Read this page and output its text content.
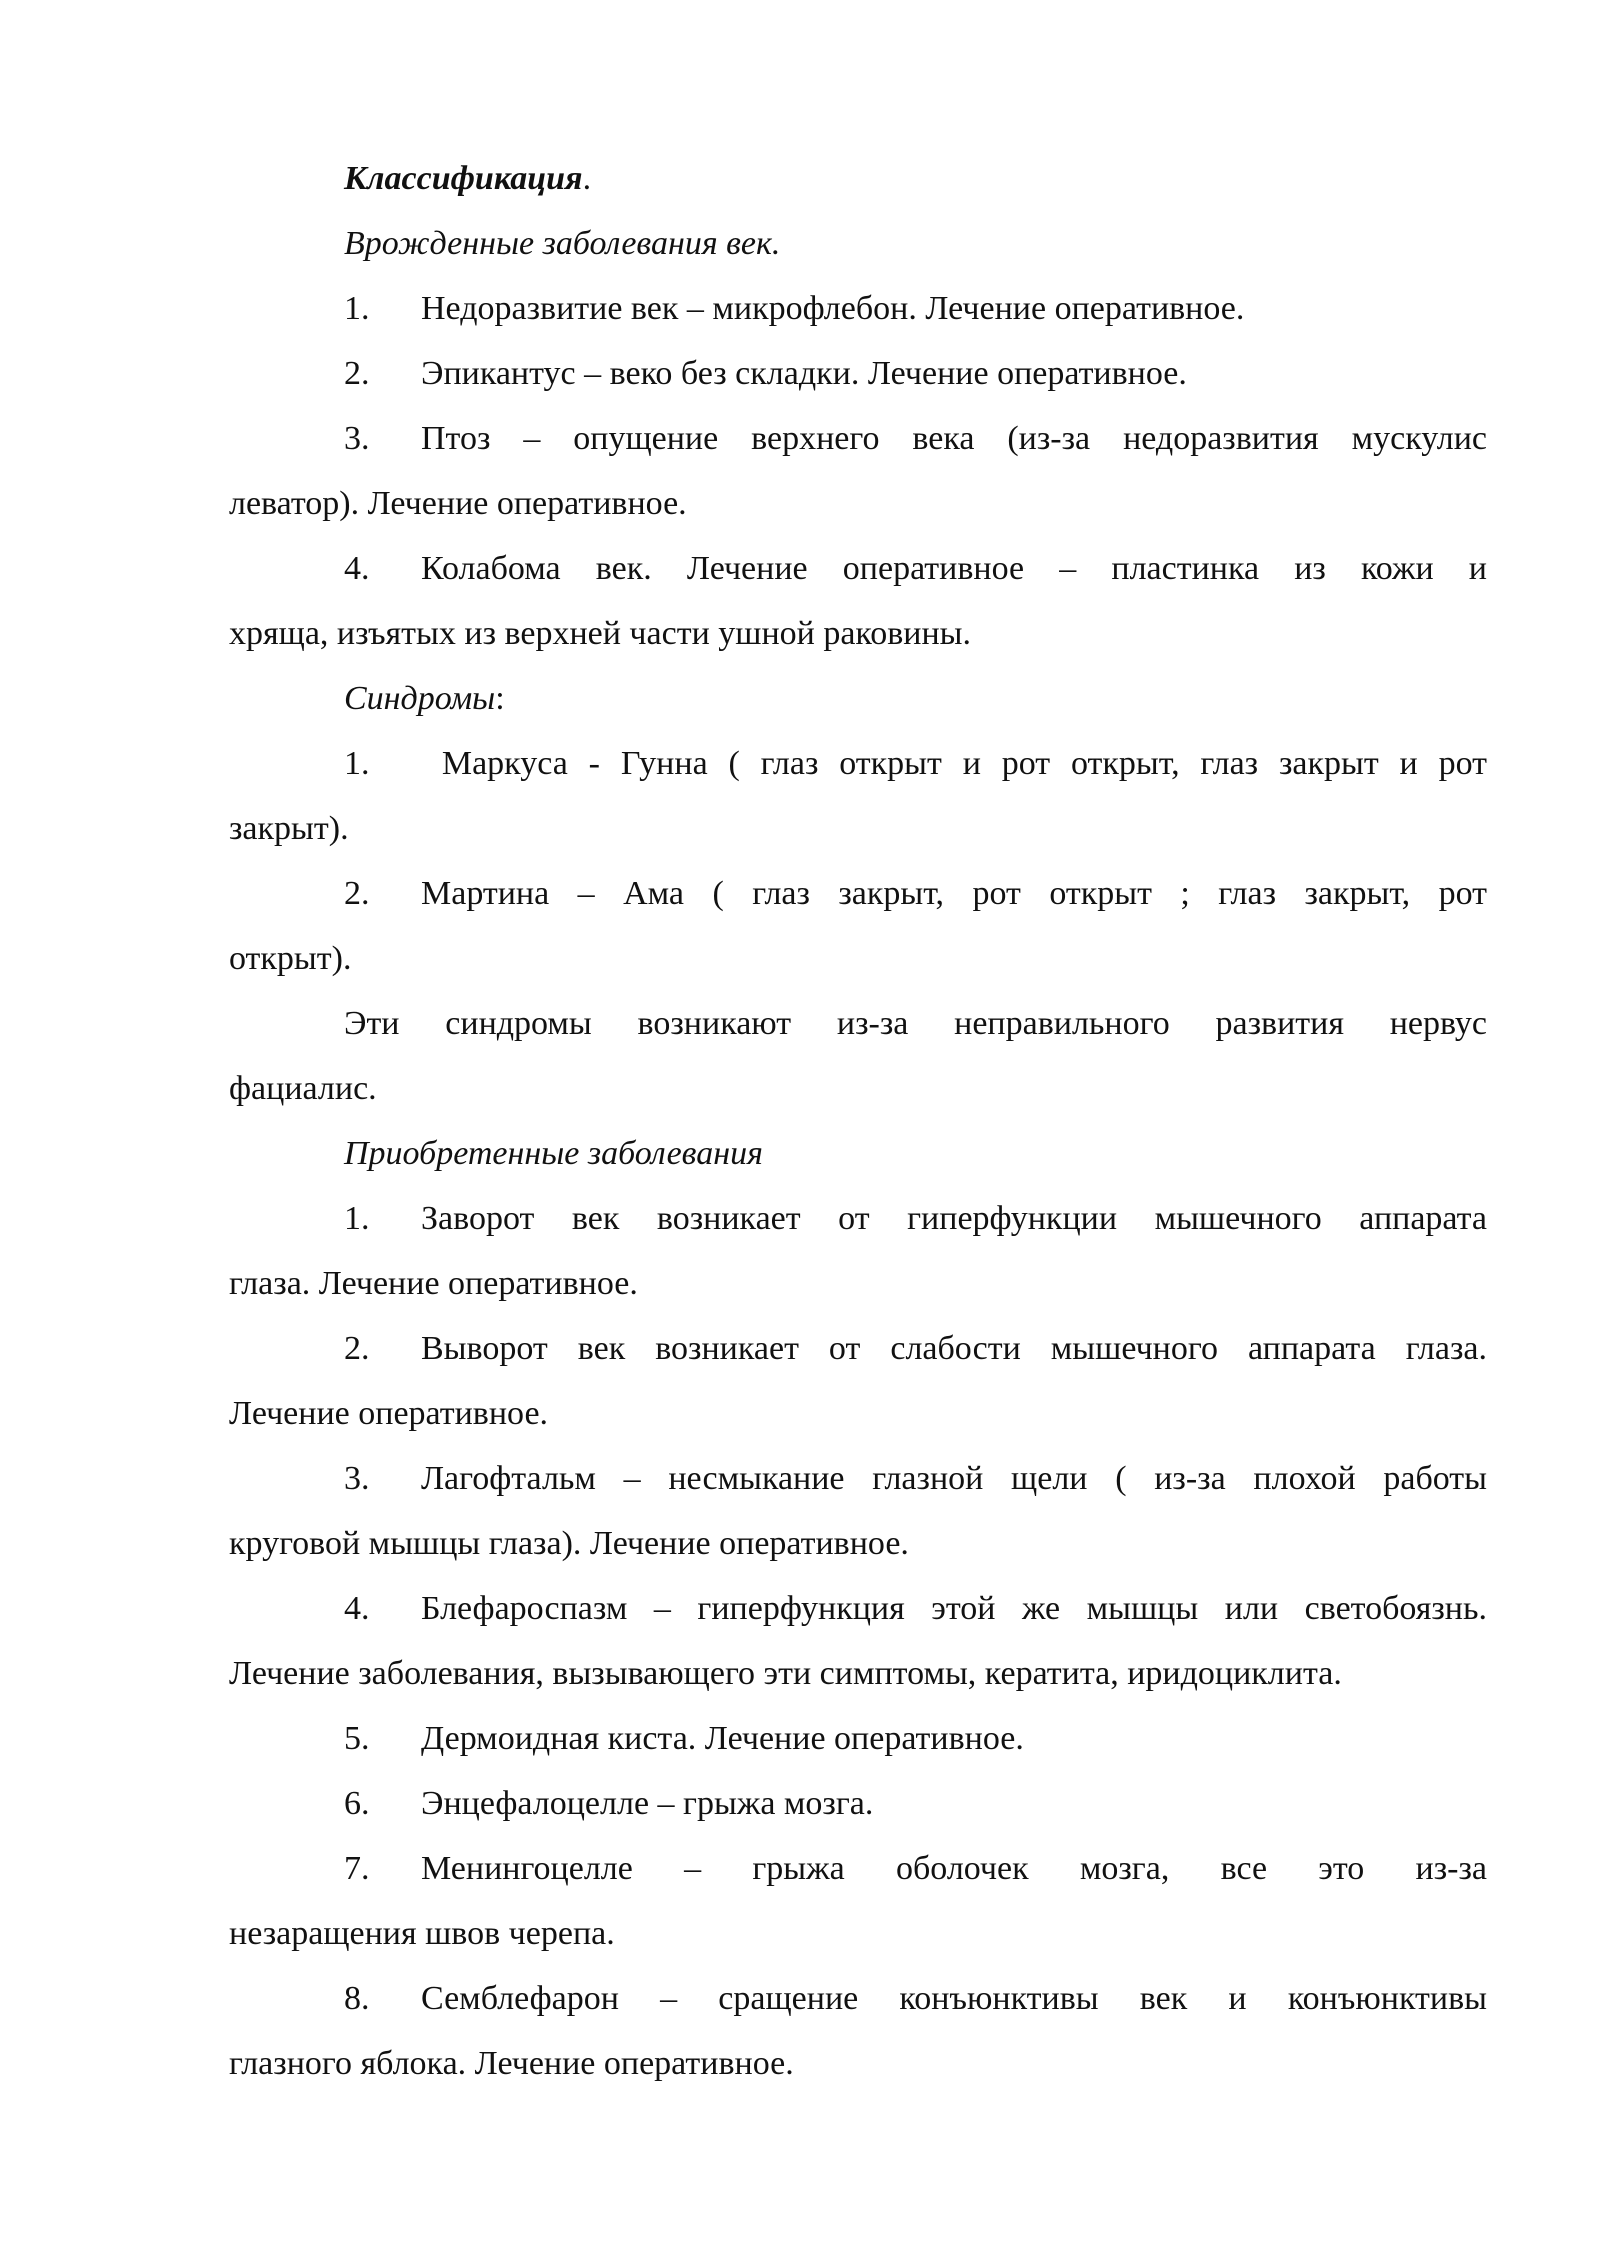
Классификация.
Врожденные заболевания век.
1. Недоразвитие век – микрофлебон. Лечение оперативное.
2. Эпикантус – веко без складки. Лечение оперативное.
3. Птоз – опущение верхнего века (из-за недоразвития мускулис
леватор). Лечение оперативное.
4. Колабома век. Лечение оперативное – пластинка из кожи и
хряща, изъятых из верхней части ушной раковины.
Синдромы:
1. Маркуса - Гунна ( глаз открыт и рот открыт, глаз закрыт и рот
закрыт).
2. Мартина – Ама ( глаз закрыт, рот открыт ; глаз закрыт, рот
открыт).
Эти синдромы возникают из-за неправильного развития нервус
фациалис.
Приобретенные заболевания
1. Заворот век возникает от гиперфункции мышечного аппарата
глаза. Лечение оперативное.
2. Выворот век возникает от слабости мышечного аппарата глаза.
Лечение оперативное.
3. Лагофтальм – несмыкание глазной щели ( из-за плохой работы
круговой мышцы глаза). Лечение оперативное.
4. Блефароспазм – гиперфункция этой же мышцы или светобоязнь.
Лечение заболевания, вызывающего эти симптомы, кератита, иридоциклита.
5. Дермоидная киста. Лечение оперативное.
6. Энцефалоцелле – грыжа мозга.
7. Менингоцелле – грыжа оболочек мозга, все это из-за
незаращения швов черепа.
8. Семблефарон – сращение конъюнктивы век и конъюнктивы
глазного яблока. Лечение оперативное.
